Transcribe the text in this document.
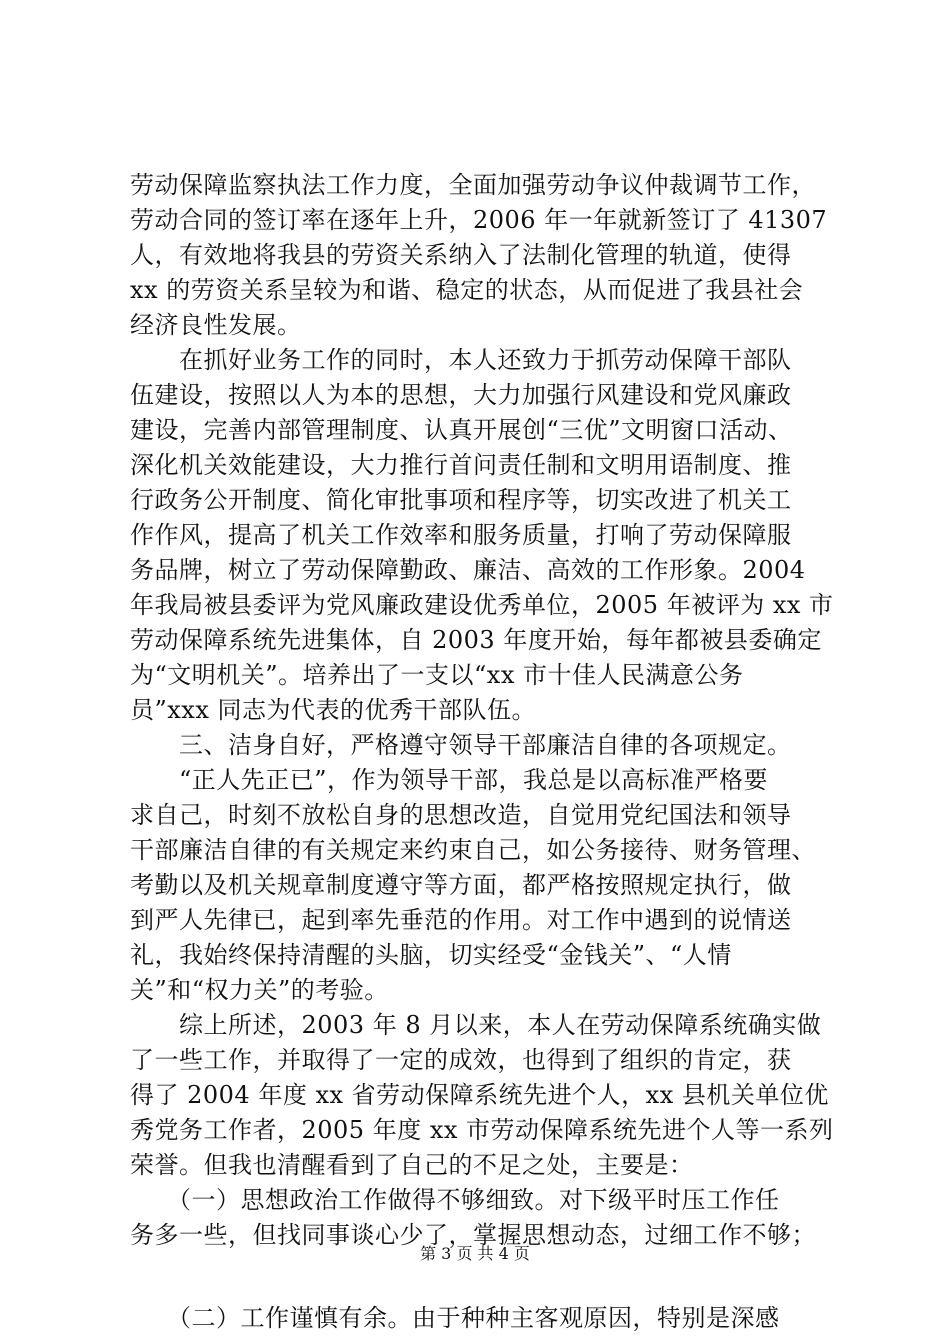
劳动保障监察执法工作力度，全面加强劳动争议仲裁调节工作，
劳动合同的签订率在逐年上升，2006 年一年就新签订了 41307
人，有效地将我县的劳资关系纳入了法制化管理的轨道，使得
xx 的劳资关系呈较为和谐、稳定的状态，从而促进了我县社会
经济良性发展。
　　在抓好业务工作的同时，本人还致力于抓劳动保障干部队
伍建设，按照以人为本的思想，大力加强行风建设和党风廉政
建设，完善内部管理制度、认真开展创“三优”文明窗口活动、
深化机关效能建设，大力推行首问责任制和文明用语制度、推
行政务公开制度、简化审批事项和程序等，切实改进了机关工
作作风，提高了机关工作效率和服务质量，打响了劳动保障服
务品牌，树立了劳动保障勤政、廉洁、高效的工作形象。2004
年我局被县委评为党风廉政建设优秀单位，2005 年被评为 xx 市
劳动保障系统先进集体，自 2003 年度开始，每年都被县委确定
为“文明机关”。培养出了一支以“xx 市十佳人民满意公务
员”xxx 同志为代表的优秀干部队伍。
　　三、洁身自好，严格遵守领导干部廉洁自律的各项规定。
　　“正人先正已”，作为领导干部，我总是以高标准严格要
求自己，时刻不放松自身的思想改造，自觉用党纪国法和领导
干部廉洁自律的有关规定来约束自己，如公务接待、财务管理、
考勤以及机关规章制度遵守等方面，都严格按照规定执行，做
到严人先律已，起到率先垂范的作用。对工作中遇到的说情送
礼，我始终保持清醒的头脑，切实经受“金钱关”、“人情
关”和“权力关”的考验。
　　综上所述，2003 年 8 月以来，本人在劳动保障系统确实做
了一些工作，并取得了一定的成效，也得到了组织的肯定，获
得了 2004 年度 xx 省劳动保障系统先进个人，xx 县机关单位优
秀党务工作者，2005 年度 xx 市劳动保障系统先进个人等一系列
荣誉。但我也清醒看到了自己的不足之处，主要是：
　　（一）思想政治工作做得不够细致。对下级平时压工作任
务多一些，但找同事谈心少了，掌握思想动态，过细工作不够；
　　（二）工作谨慎有余。由于种种主客观原因，特别是深感
第 3 页 共 4 页
